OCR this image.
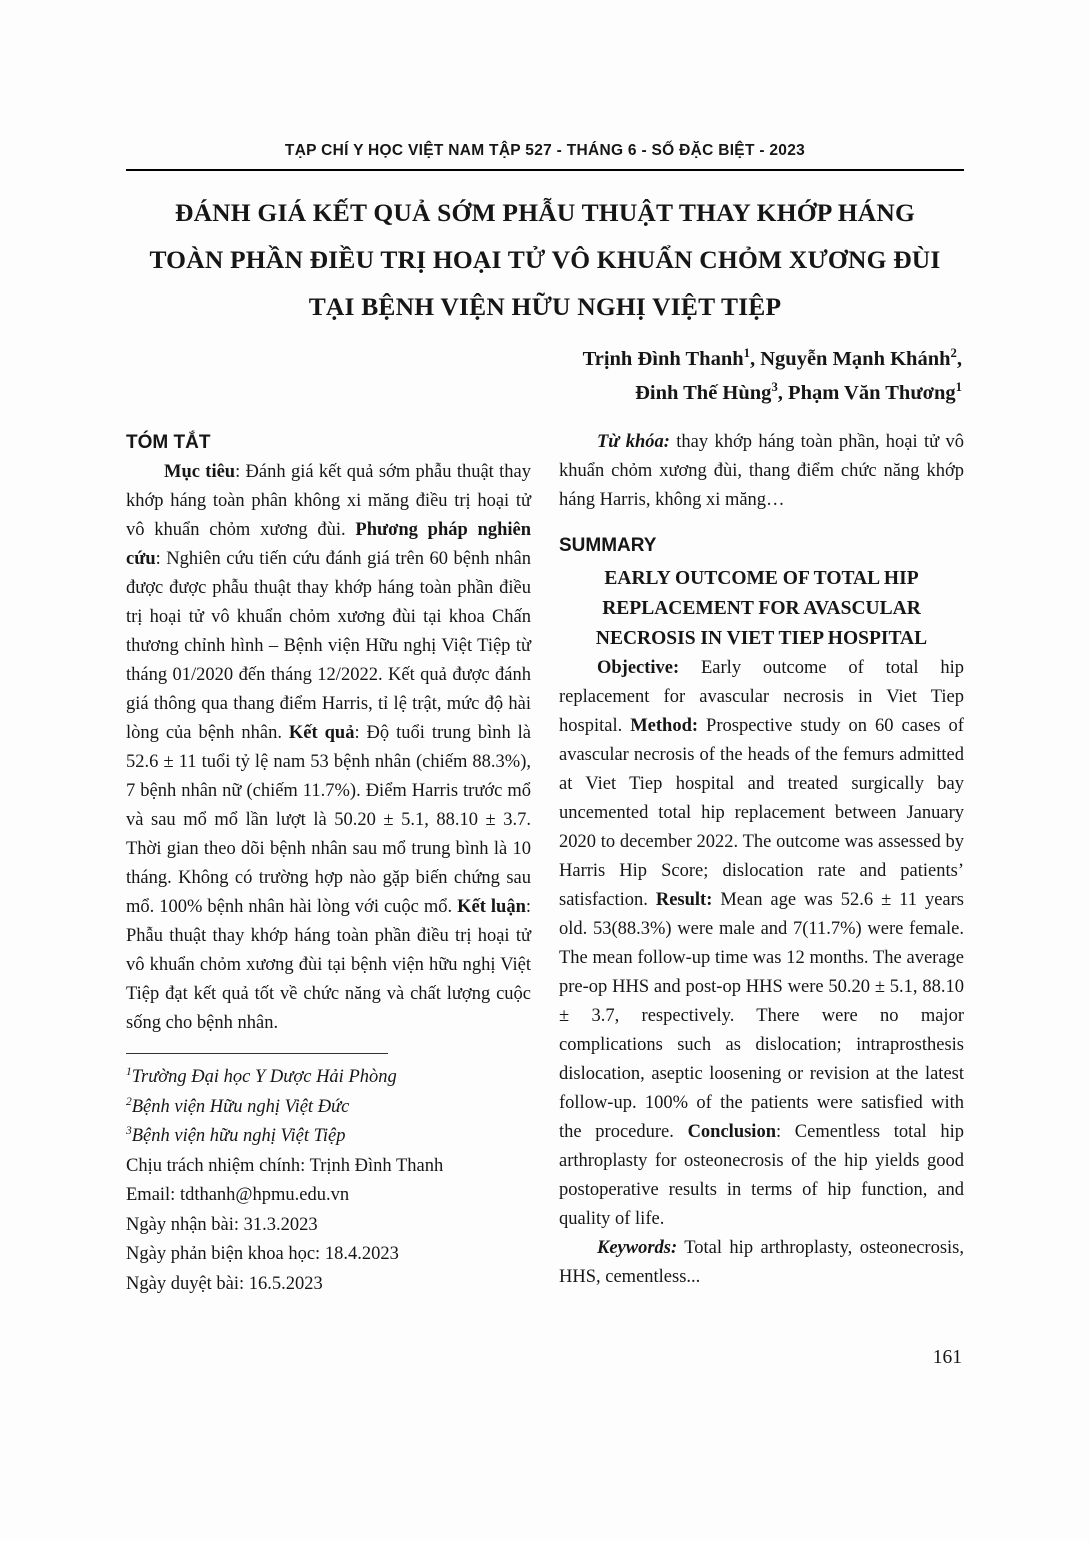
TẠP CHÍ Y HỌC VIỆT NAM TẬP 527 - THÁNG 6 - SỐ ĐẶC BIỆT - 2023
ĐÁNH GIÁ KẾT QUẢ SỚM PHẪU THUẬT THAY KHỚP HÁNG
TOÀN PHẦN ĐIỀU TRỊ HOẠI TỬ VÔ KHUẨN CHỎM XƯƠNG ĐÙI
TẠI BỆNH VIỆN HỮU NGHỊ VIỆT TIỆP
Trịnh Đình Thanh$^1$, Nguyễn Mạnh Khánh$^2$,
Đinh Thế Hùng$^3$, Phạm Văn Thương$^1$
TÓM TẮT

Mục tiêu: Đánh giá kết quả sớm phẫu thuật thay khớp háng toàn phân không xi măng điều trị hoại tử vô khuẩn chỏm xương đùi. Phương pháp nghiên cứu: Nghiên cứu tiến cứu đánh giá trên 60 bệnh nhân được được phẫu thuật thay khớp háng toàn phần điều trị hoại tử vô khuẩn chỏm xương đùi tại khoa Chấn thương chỉnh hình – Bệnh viện Hữu nghị Việt Tiệp từ tháng 01/2020 đến tháng 12/2022. Kết quả được đánh giá thông qua thang điểm Harris, tỉ lệ trật, mức độ hài lòng của bệnh nhân. Kết quả: Độ tuổi trung bình là 52.6 ± 11 tuổi tỷ lệ nam 53 bệnh nhân (chiếm 88.3%), 7 bệnh nhân nữ (chiếm 11.7%). Điểm Harris trước mổ và sau mổ mổ lần lượt là 50.20 ± 5.1, 88.10 ± 3.7. Thời gian theo dõi bệnh nhân sau mổ trung bình là 10 tháng. Không có trường hợp nào gặp biến chứng sau mổ. 100% bệnh nhân hài lòng với cuộc mổ. Kết luận: Phẫu thuật thay khớp háng toàn phần điều trị hoại tử vô khuẩn chỏm xương đùi tại bệnh viện hữu nghị Việt Tiệp đạt kết quả tốt về chức năng và chất lượng cuộc sống cho bệnh nhân.

$^1$Trường Đại học Y Dược Hải Phòng
$^2$Bệnh viện Hữu nghị Việt Đức
$^3$Bệnh viện hữu nghị Việt Tiệp
Chịu trách nhiệm chính: Trịnh Đình Thanh
Email: tdthanh@hpmu.edu.vn
Ngày nhận bài: 31.3.2023
Ngày phản biện khoa học: 18.4.2023
Ngày duyệt bài: 16.5.2023

Từ khóa: thay khớp háng toàn phần, hoại tử vô khuẩn chỏm xương đùi, thang điểm chức năng khớp háng Harris, không xi măng…

SUMMARY
EARLY OUTCOME OF TOTAL HIP
REPLACEMENT FOR AVASCULAR
NECROSIS IN VIET TIEP HOSPITAL

Objective: Early outcome of total hip replacement for avascular necrosis in Viet Tiep hospital. Method: Prospective study on 60 cases of avascular necrosis of the heads of the femurs admitted at Viet Tiep hospital and treated surgically bay uncemented total hip replacement between January 2020 to december 2022. The outcome was assessed by Harris Hip Score; dislocation rate and patients’ satisfaction. Result: Mean age was 52.6 ± 11 years old. 53(88.3%) were male and 7(11.7%) were female. The mean follow-up time was 12 months. The average pre-op HHS and post-op HHS were 50.20 ± 5.1, 88.10 ± 3.7, respectively. There were no major complications such as dislocation; intraprosthesis dislocation, aseptic loosening or revision at the latest follow-up. 100% of the patients were satisfied with the procedure. Conclusion: Cementless total hip arthroplasty for osteonecrosis of the hip yields good postoperative results in terms of hip function, and quality of life.

Keywords: Total hip arthroplasty, osteonecrosis, HHS, cementless...

161
